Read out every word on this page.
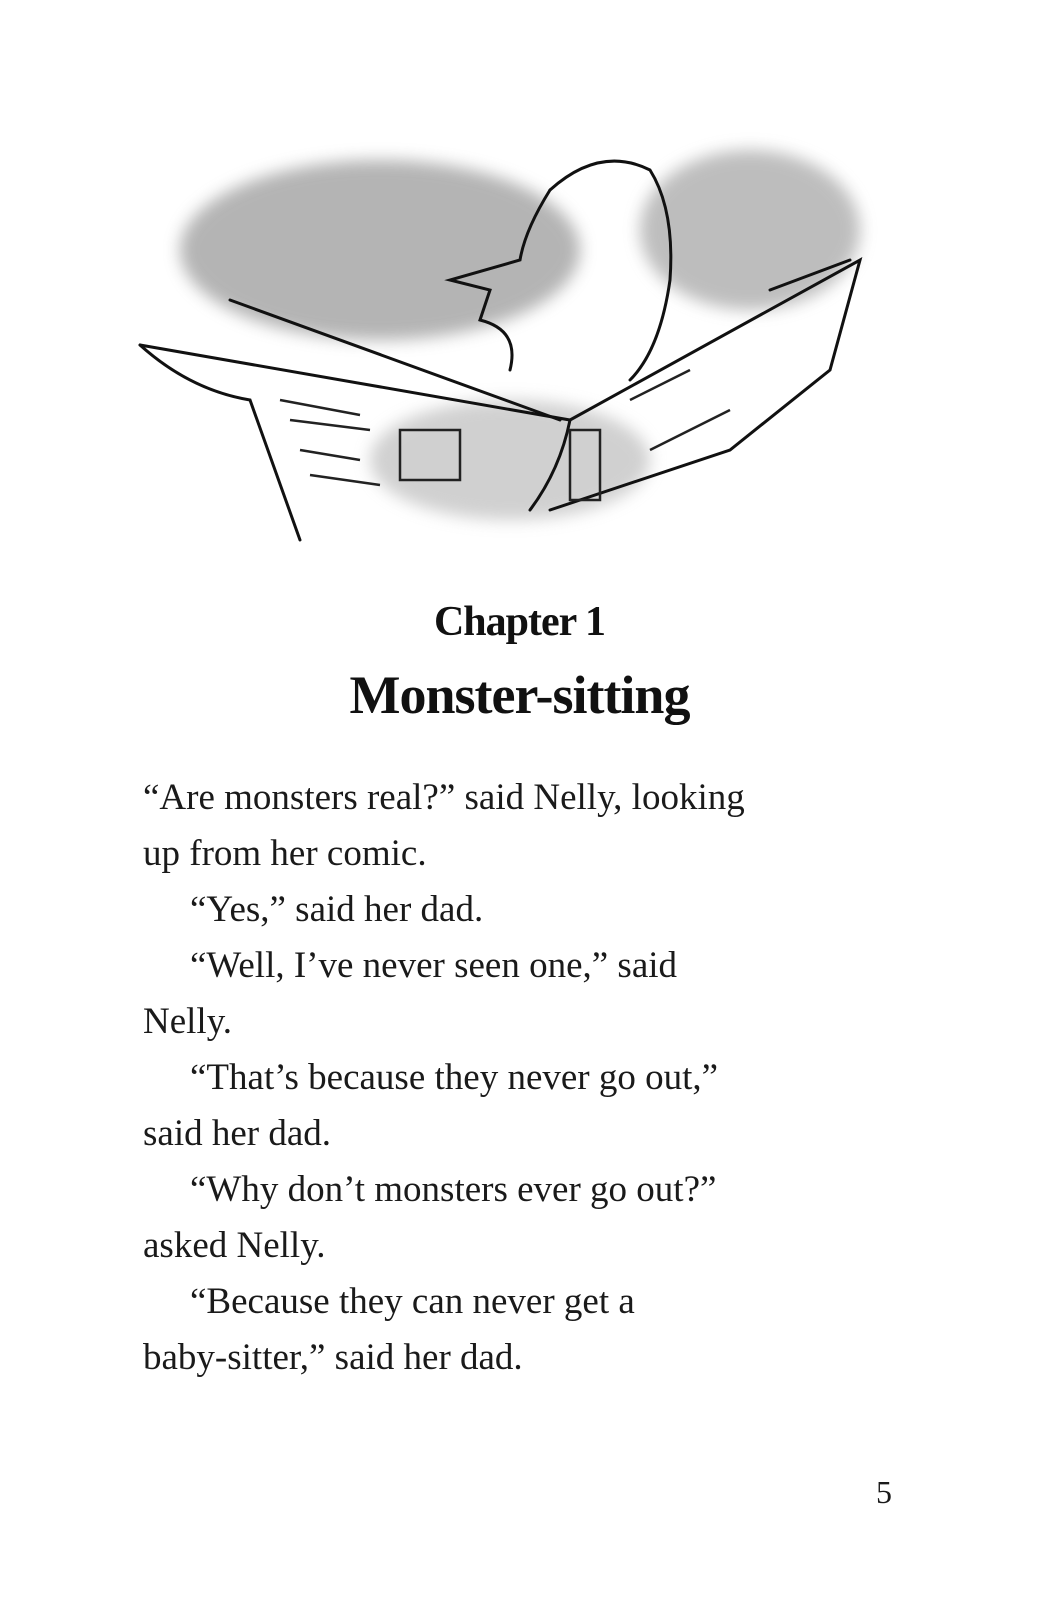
Chapter 1
Monster-sitting
“Are monsters real?” said Nelly, looking
up from her comic.
“Yes,” said her dad.
“Well, I’ve never seen one,” said
Nelly.
“That’s because they never go out,”
said her dad.
“Why don’t monsters ever go out?”
asked Nelly.
“Because they can never get a
baby-sitter,” said her dad.
5
